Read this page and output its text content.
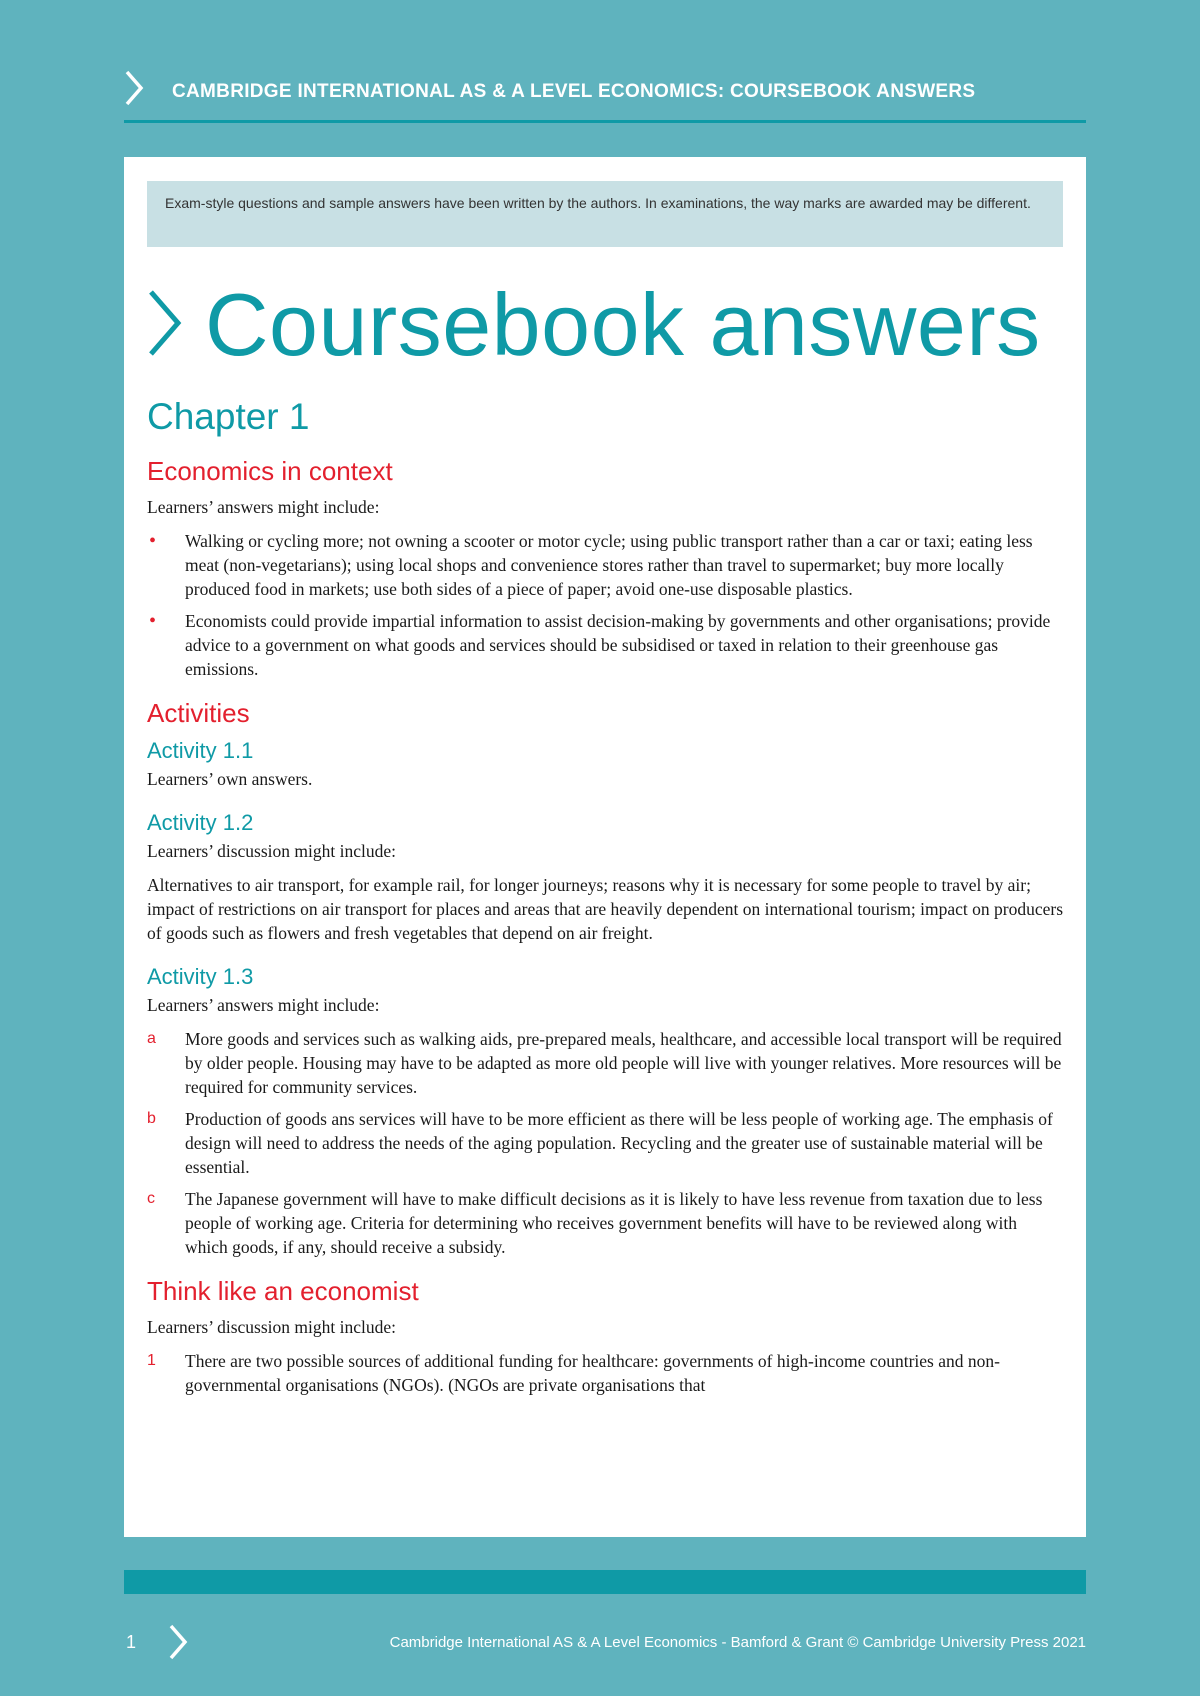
CAMBRIDGE INTERNATIONAL AS & A LEVEL ECONOMICS: COURSEBOOK ANSWERS
Exam-style questions and sample answers have been written by the authors. In examinations, the way marks are awarded may be different.
Coursebook answers
Chapter 1
Economics in context

Learners’ answers might include:

• Walking or cycling more; not owning a scooter or motor cycle; using public transport rather than a car or taxi; eating less meat (non-vegetarians); using local shops and convenience stores rather than travel to supermarket; buy more locally produced food in markets; use both sides of a piece of paper; avoid one-use disposable plastics.
• Economists could provide impartial information to assist decision-making by governments and other organisations; provide advice to a government on what goods and services should be subsidised or taxed in relation to their greenhouse gas emissions.
Activities
Activity 1.1

Learners’ own answers.

Activity 1.2

Learners’ discussion might include:

Alternatives to air transport, for example rail, for longer journeys; reasons why it is necessary for some people to travel by air; impact of restrictions on air transport for places and areas that are heavily dependent on international tourism; impact on producers of goods such as flowers and fresh vegetables that depend on air freight.

Activity 1.3

Learners’ answers might include:

a More goods and services such as walking aids, pre-prepared meals, healthcare, and accessible local transport will be required by older people. Housing may have to be adapted as more old people will live with younger relatives. More resources will be required for community services.
b Production of goods ans services will have to be more efficient as there will be less people of working age. The emphasis of design will need to address the needs of the aging population. Recycling and the greater use of sustainable material will be essential.
c The Japanese government will have to make difficult decisions as it is likely to have less revenue from taxation due to less people of working age. Criteria for determining who receives government benefits will have to be reviewed along with which goods, if any, should receive a subsidy.
Think like an economist

Learners’ discussion might include:

1 There are two possible sources of additional funding for healthcare: governments of high-income countries and non-governmental organisations (NGOs). (NGOs are private organisations that
1	Cambridge International AS & A Level Economics - Bamford & Grant © Cambridge University Press 2021
